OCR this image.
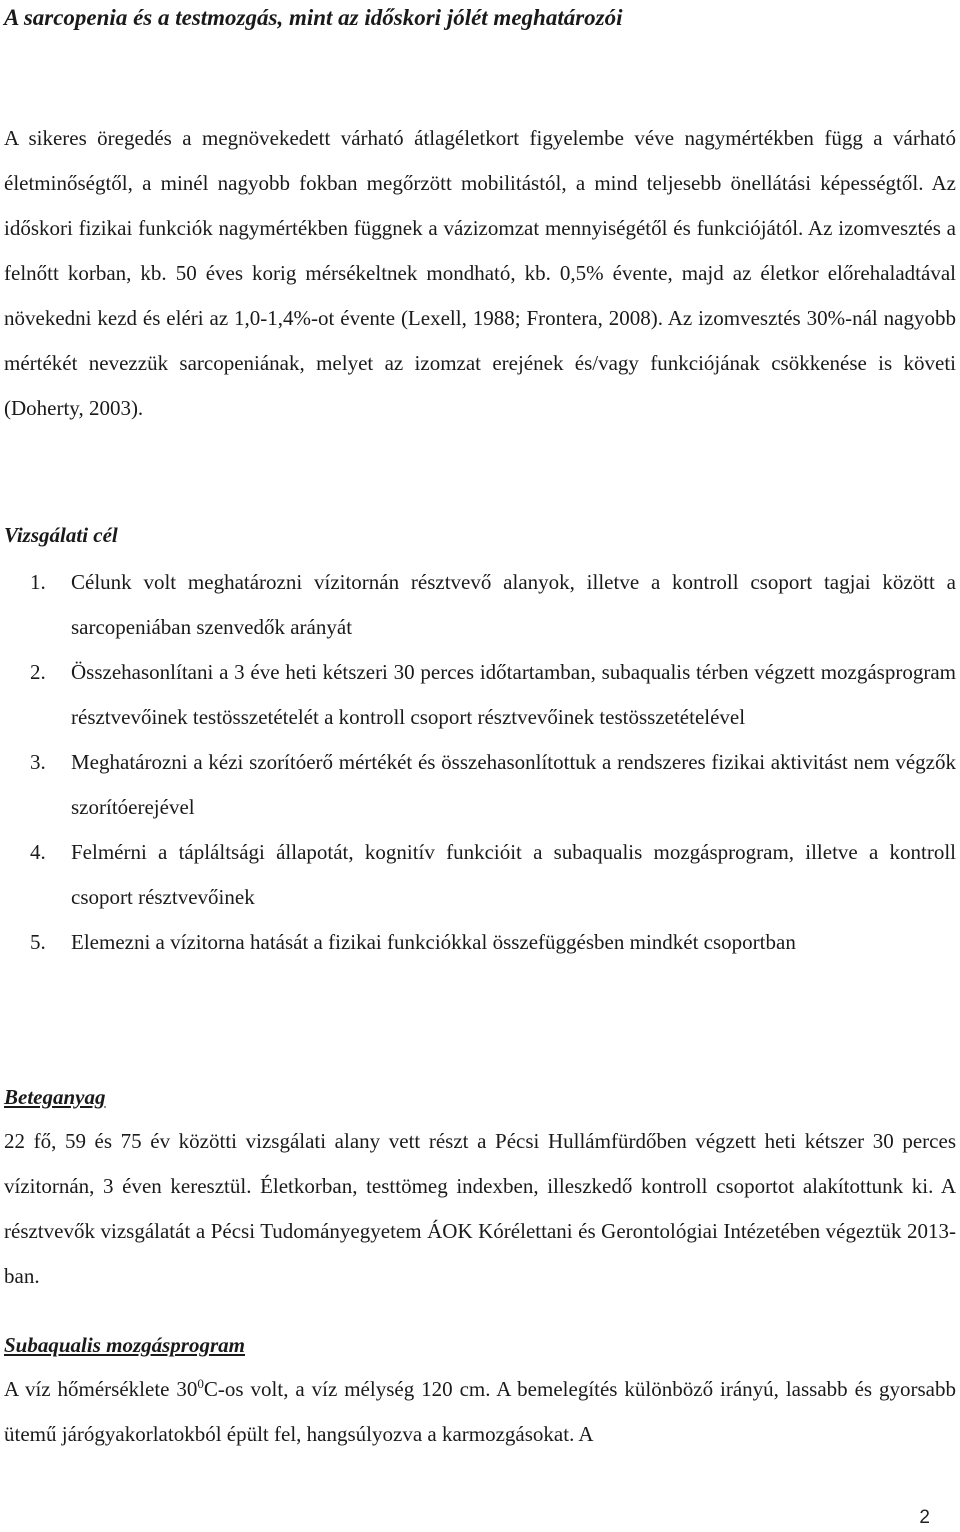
A sarcopenia és a testmozgás, mint az időskori jólét meghatározói

A sikeres öregedés a megnövekedett várható átlagéletkort figyelembe véve nagymértékben függ a várható életminőségtől, a minél nagyobb fokban megőrzött mobilitástól, a mind teljesebb önellátási képességtől. Az időskori fizikai funkciók nagymértékben függnek a vázizomzat mennyiségétől és funkciójától. Az izomvesztés a felnőtt korban, kb. 50 éves korig mérsékeltnek mondható, kb. 0,5% évente, majd az életkor előrehaladtával növekedni kezd és eléri az 1,0-1,4%-ot évente (Lexell, 1988; Frontera, 2008). Az izomvesztés 30%-nál nagyobb mértékét nevezzük sarcopeniának, melyet az izomzat erejének és/vagy funkciójának csökkenése is követi (Doherty, 2003).

Vizsgálati cél
1. Célunk volt meghatározni vízitornán résztvevő alanyok, illetve a kontroll csoport tagjai között a sarcopeniában szenvedők arányát
2. Összehasonlítani a 3 éve heti kétszeri 30 perces időtartamban, subaqualis térben végzett mozgásprogram résztvevőinek testösszetételét a kontroll csoport résztvevőinek testösszetételével
3. Meghatározni a kézi szorítóerő mértékét és összehasonlítottuk a rendszeres fizikai aktivitást nem végzők szorítóerejével
4. Felmérni a tápláltsági állapotát, kognitív funkcióit a subaqualis mozgásprogram, illetve a kontroll csoport résztvevőinek
5. Elemezni a vízitorna hatását a fizikai funkciókkal összefüggésben mindkét csoportban
Beteganyag

22 fő, 59 és 75 év közötti vizsgálati alany vett részt a Pécsi Hullámfürdőben végzett heti kétszer 30 perces vízitornán, 3 éven keresztül. Életkorban, testtömeg indexben, illeszkedő kontroll csoportot alakítottunk ki. A résztvevők vizsgálatát a Pécsi Tudományegyetem ÁOK Kórélettani és Gerontológiai Intézetében végeztük 2013-ban.

Subaqualis mozgásprogram

A víz hőmérséklete $30^0C-os$ volt, a víz mélység 120 cm. A bemelegítés különböző irányú, lassabb és gyorsabb ütemű járógyakorlatokból épült fel, hangsúlyozva a karmozgásokat. A

2
